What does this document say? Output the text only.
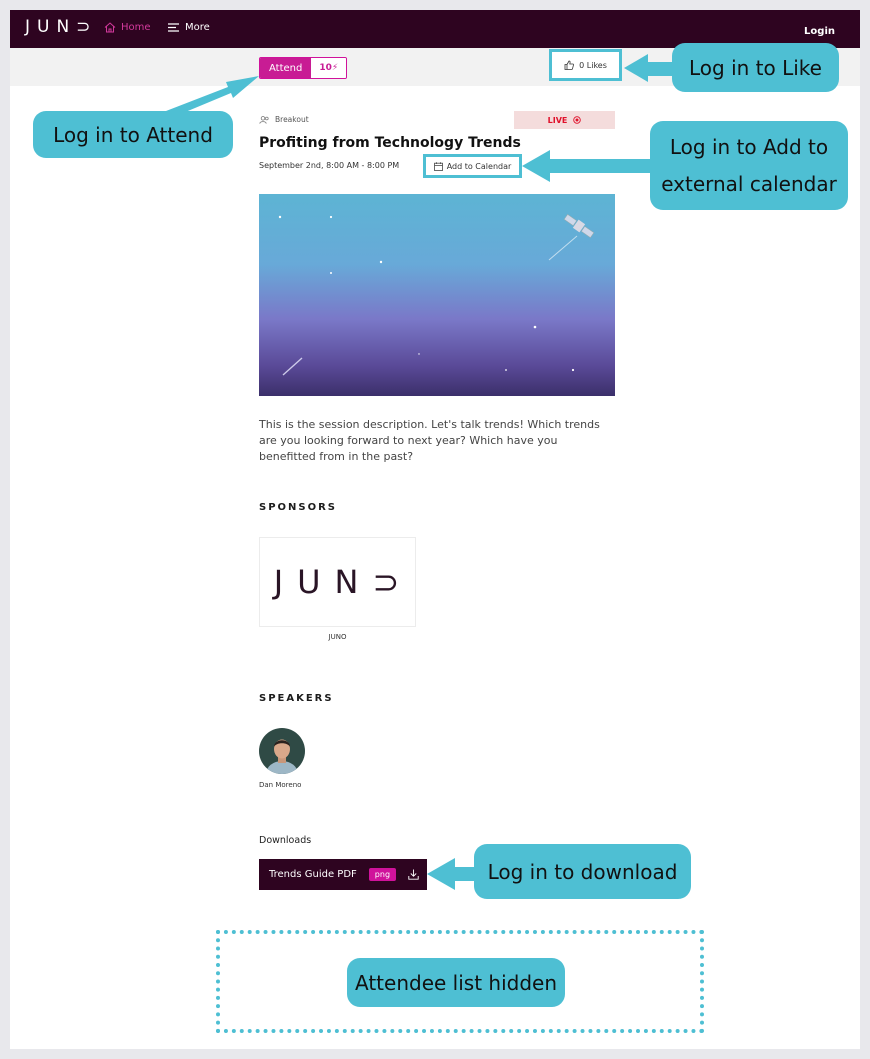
JUN⊃ Home	More	Login
Attend	10⚡	0 Likes
Breakout	LIVE
Profiting from Technology Trends
September 2nd, 8:00 AM - 8:00 PM	Add to Calendar
This is the session description. Let's talk trends! Which trends are you looking forward to next year? Which have you benefitted from in the past?
SPONSORS
JUN⊃
JUNO
SPEAKERS
Dan Moreno
Downloads
Trends Guide PDF	png
Log in to Like
Log in to Attend	Log in to Add to
external calendar
Log in to download
Attendee list hidden
